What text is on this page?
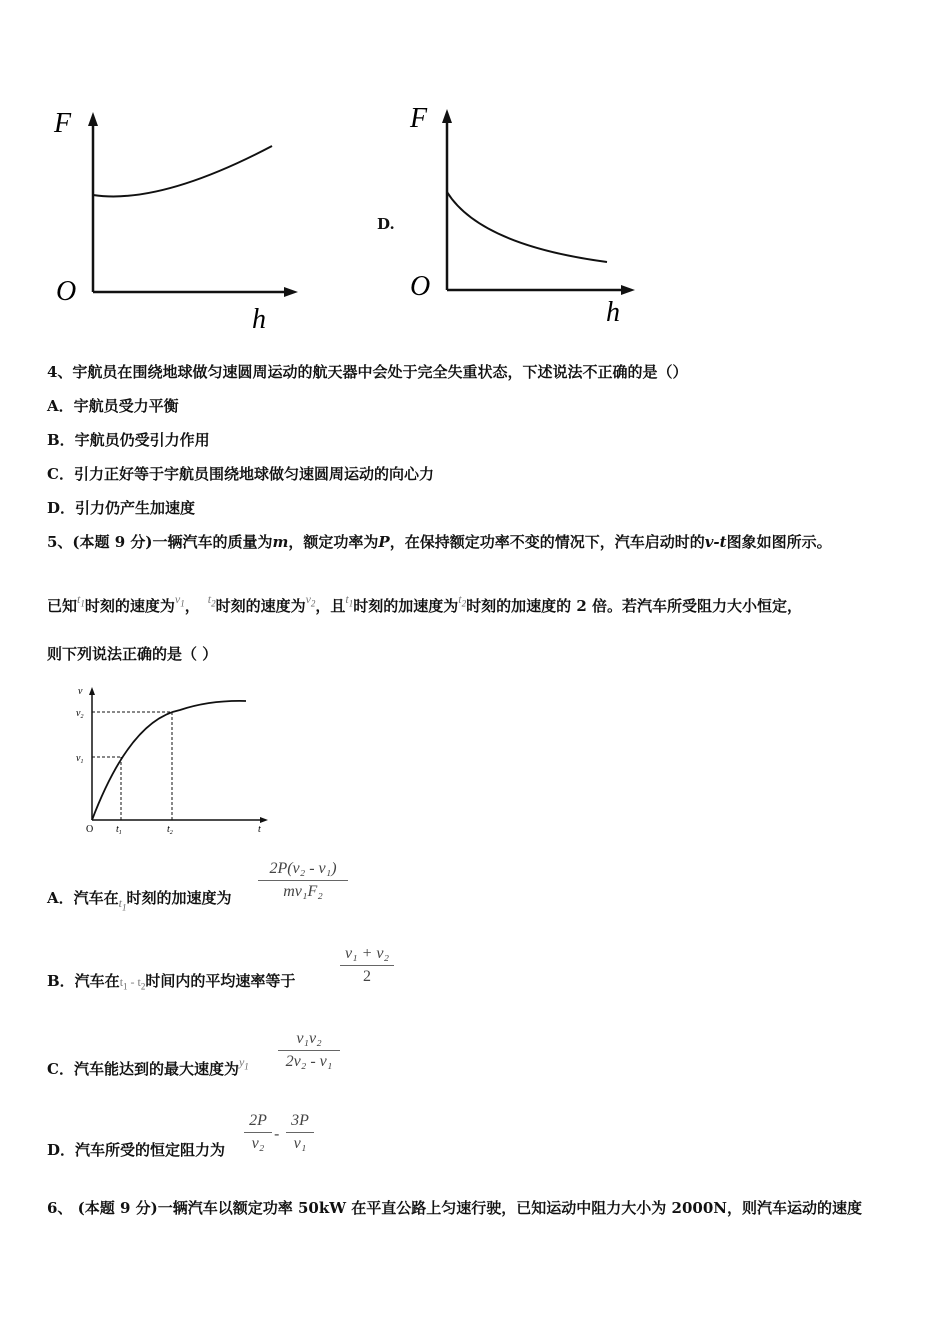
F
O
h
D.
F
O
h
4、宇航员在围绕地球做匀速圆周运动的航天器中会处于完全失重状态，下述说法不正确的是（）
A．宇航员受力平衡
B．宇航员仍受引力作用
C．引力正好等于宇航员围绕地球做匀速圆周运动的向心力
D．引力仍产生加速度
5、(本题 9 分)一辆汽车的质量为m，额定功率为P，在保持额定功率不变的情况下，汽车启动时的v-t图象如图所示。
已知$^{t_1}$时刻的速度为$^{v_1}$， $^{t_2}$时刻的速度为$^{v_2}$，且$^{t_1}$时刻的加速度为$^{t_2}$时刻的加速度的 2 倍。若汽车所受阻力大小恒定，
则下列说法正确的是（ ）
v
$v_2$
$v_1$
O $t_1$	$t_2$	t
A．汽车在$_{t_1}$时刻的加速度为
2P(v₂ - v₁)
mv₁F₂
B．汽车在$t_1 - t_2$时间内的平均速率等于
v₁ + v₂
2
C．汽车能达到的最大速度为$^{y_1}$
v₁v₂
2v₂ - v₁
D．汽车所受的恒定阻力为
2P
v₂
-
3P
v₁
6、 (本题 9 分)一辆汽车以额定功率 50kW 在平直公路上匀速行驶，已知运动中阻力大小为 2000N，则汽车运动的速度
